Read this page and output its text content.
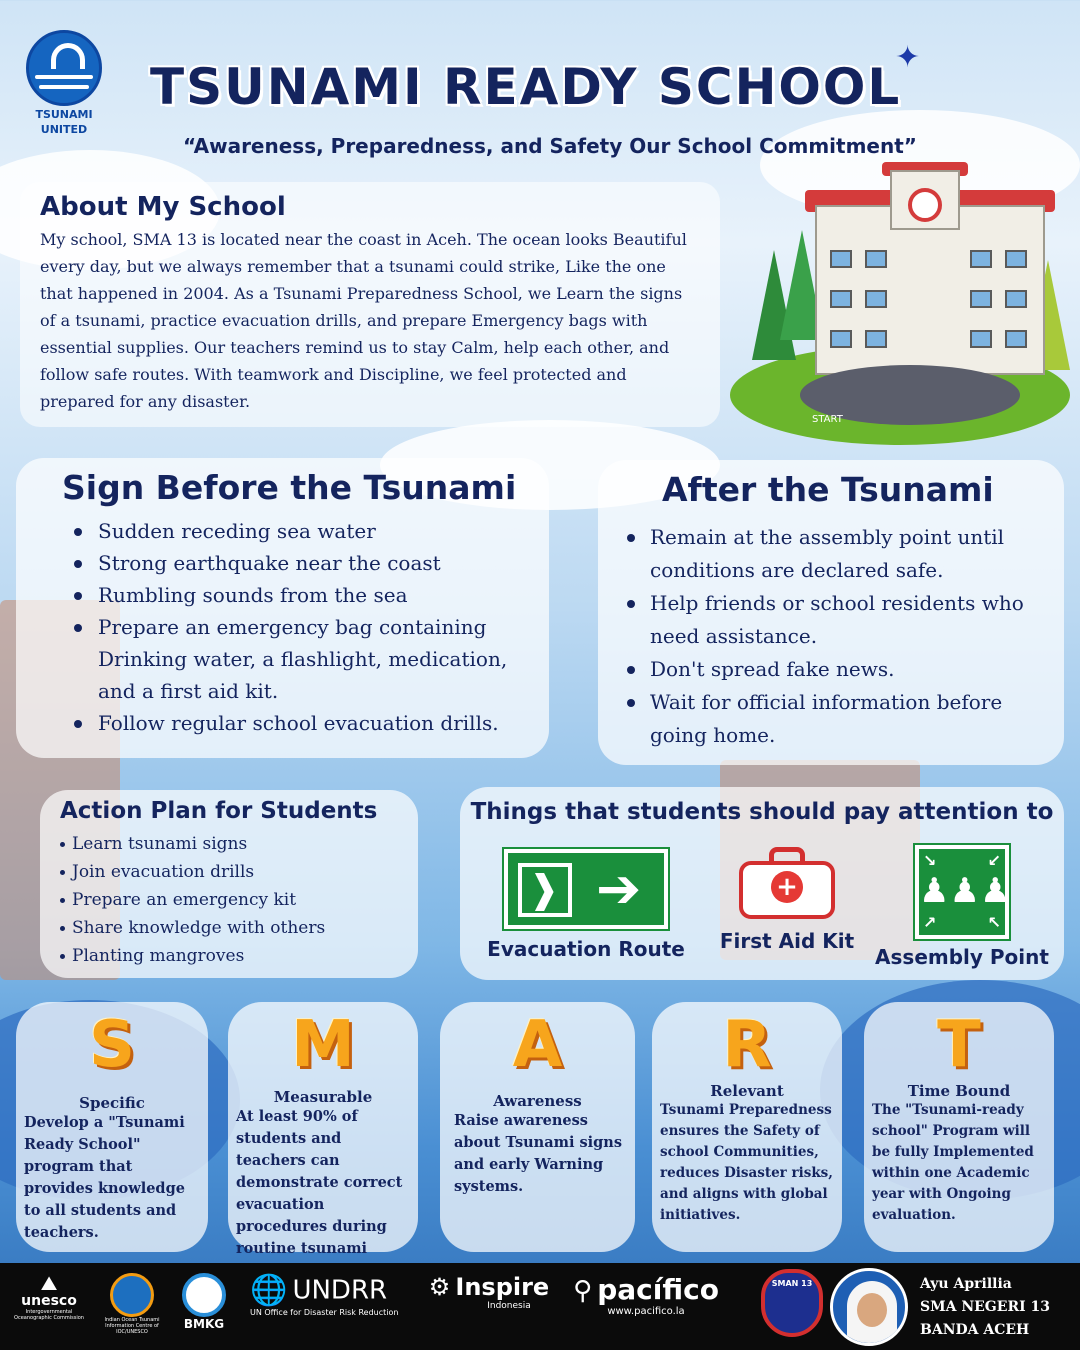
TSUNAMI
UNITED
TSUNAMI READY SCHOOL
✦
“Awareness, Preparedness, and Safety Our School Commitment”
About My School

My school, SMA 13 is located near the coast in Aceh. The ocean looks Beautiful every day, but we always remember that a tsunami could strike, Like the one that happened in 2004. As a Tsunami Preparedness School, we Learn the signs of a tsunami, practice evacuation drills, and prepare Emergency bags with essential supplies. Our teachers remind us to stay Calm, help each other, and follow safe routes. With teamwork and Discipline, we feel protected and prepared for any disaster.

START
Sign Before the Tsunami
Sudden receding sea water
Strong earthquake near the coast
Rumbling sounds from the sea
Prepare an emergency bag containing Drinking water, a flashlight, medication, and a first aid kit.
Follow regular school evacuation drills.
After the Tsunami
Remain at the assembly point until conditions are declared safe.
Help friends or school residents who need assistance.
Don't spread fake news.
Wait for official information before going home.
Action Plan for Students
Learn tsunami signs
Join evacuation drills
Prepare an emergency kit
Share knowledge with others
Planting mangroves
Things that students should pay attention to
❱ ➔
Evacuation Route
+
First Aid Kit
↘	↙
↗	↖
♟♟♟
Assembly Point
S
Specific
Develop a "Tsunami Ready School" program that provides knowledge to all students and teachers.
M
Measurable
At least 90% of students and teachers can demonstrate correct evacuation procedures during routine tsunami
A
Awareness
Raise awareness about Tsunami signs and early Warning systems.
R
Relevant
Tsunami Preparedness ensures the Safety of school Communities, reduces Disaster risks, and aligns with global initiatives.
T
Time Bound
The "Tsunami-ready school" Program will be fully Implemented within one Academic year with Ongoing evaluation.
⛰
unesco
Intergovernmental Oceanographic Commission	Indian Ocean Tsunami Information Centre of IOC/UNESCO
BMKG
🌐 UNDRR
UN Office for Disaster Risk Reduction
⚙ Inspire
Indonesia	⚲ pacífico
www.pacifico.la
SMAN 13	Ayu Aprillia
SMA NEGERI 13
BANDA ACEH
